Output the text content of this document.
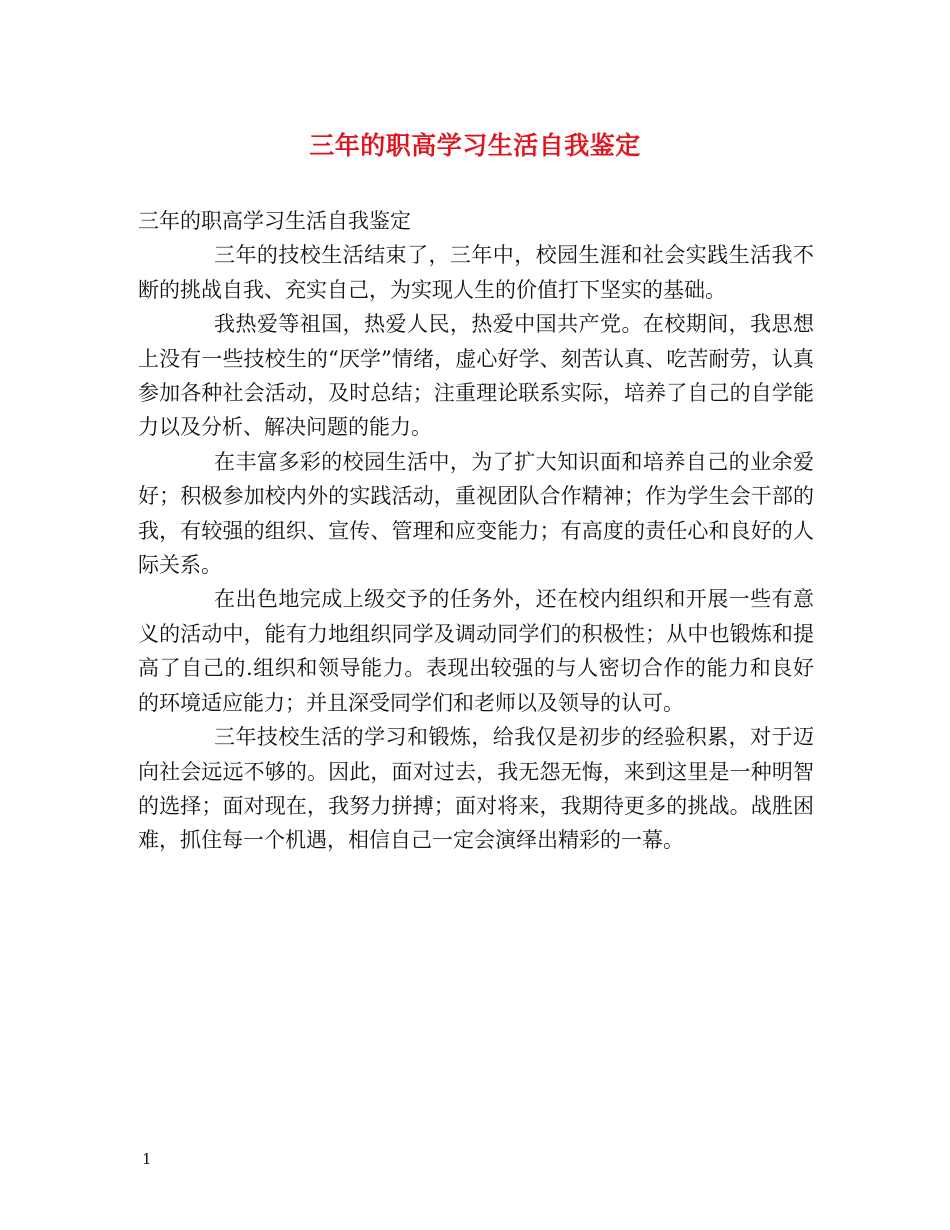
三年的职高学习生活自我鉴定

三年的职高学习生活自我鉴定

三年的技校生活结束了，三年中，校园生涯和社会实践生活我不断的挑战自我、充实自己，为实现人生的价值打下坚实的基础。

我热爱等祖国，热爱人民，热爱中国共产党。在校期间，我思想上没有一些技校生的“厌学”情绪，虚心好学、刻苦认真、吃苦耐劳，认真参加各种社会活动，及时总结；注重理论联系实际，培养了自己的自学能力以及分析、解决问题的能力。

在丰富多彩的校园生活中，为了扩大知识面和培养自己的业余爱好；积极参加校内外的实践活动，重视团队合作精神；作为学生会干部的我，有较强的组织、宣传、管理和应变能力；有高度的责任心和良好的人际关系。

在出色地完成上级交予的任务外，还在校内组织和开展一些有意义的活动中，能有力地组织同学及调动同学们的积极性；从中也锻炼和提高了自己的.组织和领导能力。表现出较强的与人密切合作的能力和良好的环境适应能力；并且深受同学们和老师以及领导的认可。

三年技校生活的学习和锻炼，给我仅是初步的经验积累，对于迈向社会远远不够的。因此，面对过去，我无怨无悔，来到这里是一种明智的选择；面对现在，我努力拼搏；面对将来，我期待更多的挑战。战胜困难，抓住每一个机遇，相信自己一定会演绎出精彩的一幕。

1
